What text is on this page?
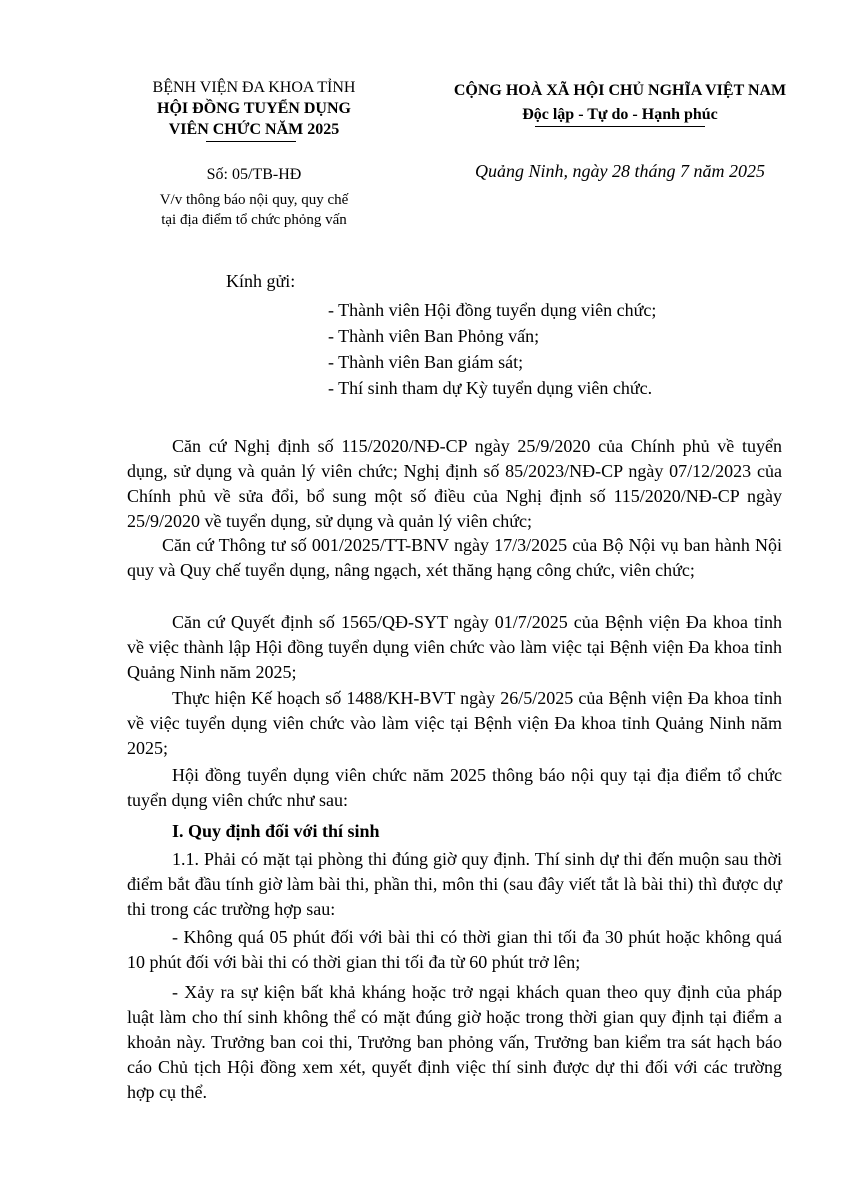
BỆNH VIỆN ĐA KHOA TỈNH
HỘI ĐỒNG TUYỂN DỤNG
VIÊN CHỨC NĂM 2025
Số: 05/TB-HĐ
V/v thông báo nội quy, quy chế
tại địa điểm tổ chức phỏng vấn
CỘNG HOÀ XÃ HỘI CHỦ NGHĨA VIỆT NAM
Độc lập - Tự do - Hạnh phúc
Quảng Ninh, ngày 28 tháng 7 năm 2025
Kính gửi:
- Thành viên Hội đồng tuyển dụng viên chức;
- Thành viên Ban Phỏng vấn;
- Thành viên Ban giám sát;
- Thí sinh tham dự Kỳ tuyển dụng viên chức.
Căn cứ Nghị định số 115/2020/NĐ-CP ngày 25/9/2020 của Chính phủ về tuyển dụng, sử dụng và quản lý viên chức; Nghị định số 85/2023/NĐ-CP ngày 07/12/2023 của Chính phủ về sửa đổi, bổ sung một số điều của Nghị định số 115/2020/NĐ-CP ngày 25/9/2020 về tuyển dụng, sử dụng và quản lý viên chức;
Căn cứ Thông tư số 001/2025/TT-BNV ngày 17/3/2025 của Bộ Nội vụ ban hành Nội quy và Quy chế tuyển dụng, nâng ngạch, xét thăng hạng công chức, viên chức;
Căn cứ Quyết định số 1565/QĐ-SYT ngày 01/7/2025 của Bệnh viện Đa khoa tỉnh về việc thành lập Hội đồng tuyển dụng viên chức vào làm việc tại Bệnh viện Đa khoa tỉnh Quảng Ninh năm 2025;
Thực hiện Kế hoạch số 1488/KH-BVT ngày 26/5/2025 của Bệnh viện Đa khoa tỉnh về việc tuyển dụng viên chức vào làm việc tại Bệnh viện Đa khoa tỉnh Quảng Ninh năm 2025;
Hội đồng tuyển dụng viên chức năm 2025 thông báo nội quy tại địa điểm tổ chức tuyển dụng viên chức như sau:
I. Quy định đối với thí sinh
1.1. Phải có mặt tại phòng thi đúng giờ quy định. Thí sinh dự thi đến muộn sau thời điểm bắt đầu tính giờ làm bài thi, phần thi, môn thi (sau đây viết tắt là bài thi) thì được dự thi trong các trường hợp sau:
- Không quá 05 phút đối với bài thi có thời gian thi tối đa 30 phút hoặc không quá 10 phút đối với bài thi có thời gian thi tối đa từ 60 phút trở lên;
- Xảy ra sự kiện bất khả kháng hoặc trở ngại khách quan theo quy định của pháp luật làm cho thí sinh không thể có mặt đúng giờ hoặc trong thời gian quy định tại điểm a khoản này. Trưởng ban coi thi, Trưởng ban phỏng vấn, Trưởng ban kiểm tra sát hạch báo cáo Chủ tịch Hội đồng xem xét, quyết định việc thí sinh được dự thi đối với các trường hợp cụ thể.
